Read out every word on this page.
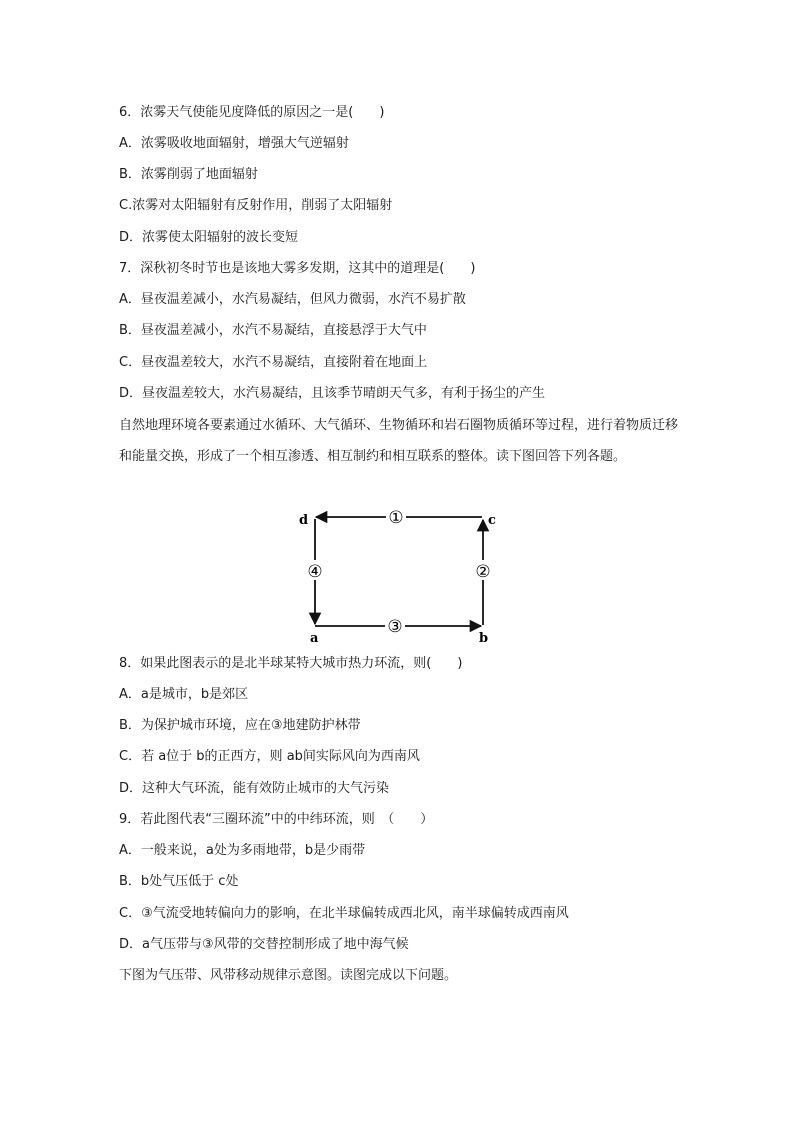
6．浓雾天气使能见度降低的原因之一是(　　)
A．浓雾吸收地面辐射，增强大气逆辐射
B．浓雾削弱了地面辐射
C.浓雾对太阳辐射有反射作用，削弱了太阳辐射
D．浓雾使太阳辐射的波长变短
7．深秋初冬时节也是该地大雾多发期，这其中的道理是(　　)
A．昼夜温差减小，水汽易凝结，但风力微弱，水汽不易扩散
B．昼夜温差减小，水汽不易凝结，直接悬浮于大气中
C．昼夜温差较大，水汽不易凝结，直接附着在地面上
D．昼夜温差较大，水汽易凝结，且该季节晴朗天气多，有利于扬尘的产生
自然地理环境各要素通过水循环、大气循环、生物循环和岩石圈物质循环等过程，进行着物质迁移和能量交换，形成了一个相互渗透、相互制约和相互联系的整体。读下图回答下列各题。
①
②
③
④
d	c
a	b
8．如果此图表示的是北半球某特大城市热力环流，则(　　)
A．a是城市，b是郊区
B．为保护城市环境，应在③地建防护林带
C．若 a位于 b的正西方，则 ab间实际风向为西南风
D．这种大气环流，能有效防止城市的大气污染
9．若此图代表“三圈环流”中的中纬环流，则　（　　）
A．一般来说，a处为多雨地带，b是少雨带
B．b处气压低于 c处
C．③气流受地转偏向力的影响，在北半球偏转成西北风，南半球偏转成西南风
D．a气压带与③风带的交替控制形成了地中海气候
下图为气压带、风带移动规律示意图。读图完成以下问题。
